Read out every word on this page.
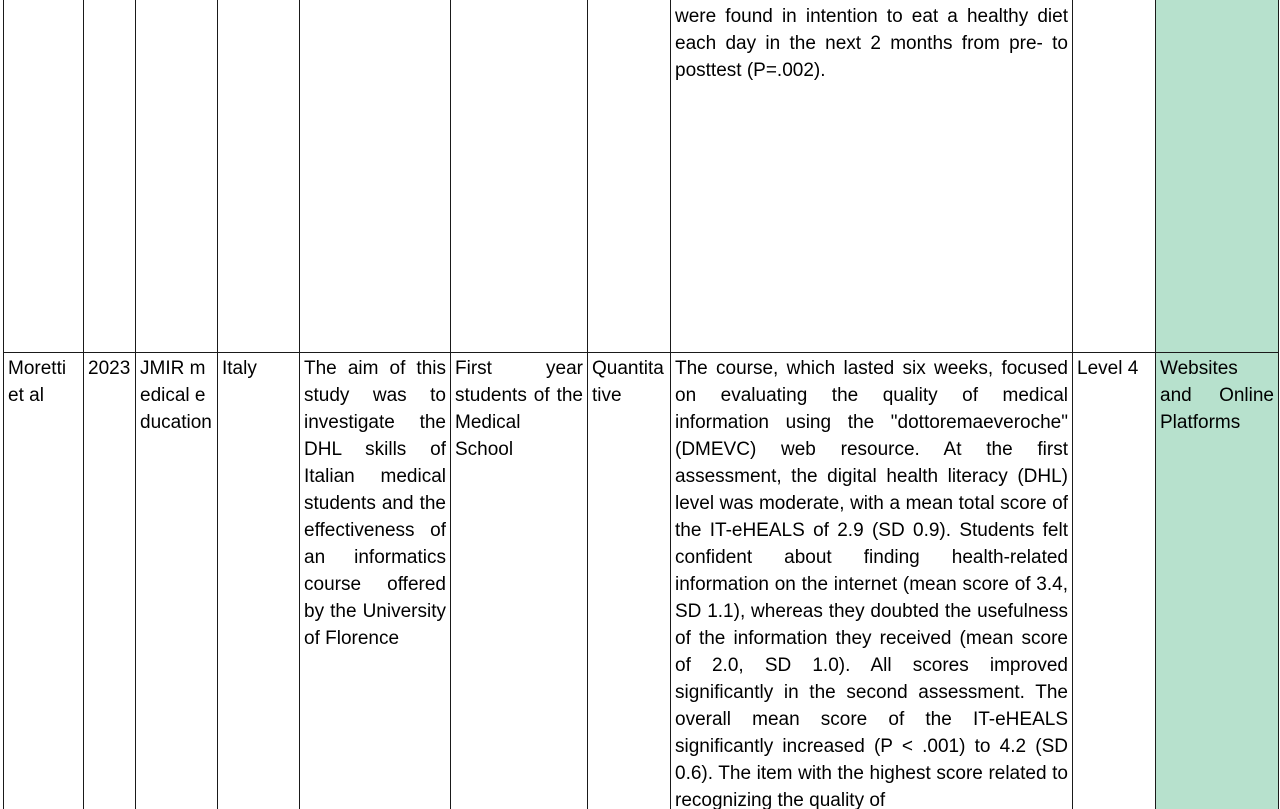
							were found in intention to eat a healthy diet each day in the next 2 months from pre- to posttest (P=.002).		

Moretti et al	2023	JMIR medical education	Italy	The aim of this study was to investigate the DHL skills of Italian medical students and the effectiveness of an informatics course offered by the University of Florence	First year students of the Medical School	Quantitative	The course, which lasted six weeks, focused on evaluating the quality of medical information using the "dottoremaeveroche" (DMEVC) web resource. At the first assessment, the digital health literacy (DHL) level was moderate, with a mean total score of the IT-eHEALS of 2.9 (SD 0.9). Students felt confident about finding health-related information on the internet (mean score of 3.4, SD 1.1), whereas they doubted the usefulness of the information they received (mean score of 2.0, SD 1.0). All scores improved significantly in the second assessment. The overall mean score of the IT-eHEALS significantly increased (P < .001) to 4.2 (SD 0.6). The item with the highest score related to recognizing the quality of	Level 4	Websites and Online Platforms
